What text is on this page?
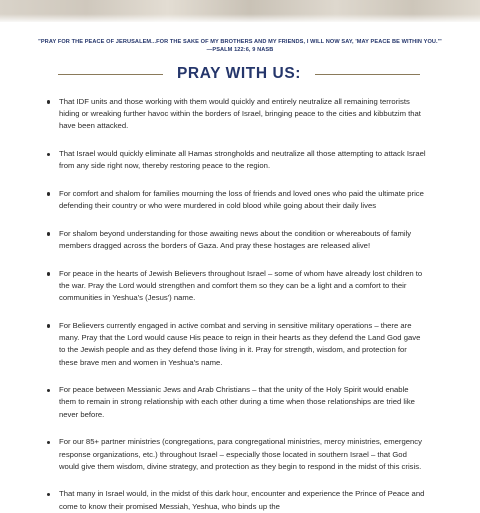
"PRAY FOR THE PEACE OF JERUSALEM...FOR THE SAKE OF MY BROTHERS AND MY FRIENDS, I WILL NOW SAY, 'MAY PEACE BE WITHIN YOU.'"
—PSALM 122:6, 9 NASB
PRAY WITH US:
That IDF units and those working with them would quickly and entirely neutralize all remaining terrorists hiding or wreaking further havoc within the borders of Israel, bringing peace to the cities and kibbutzim that have been attacked.
That Israel would quickly eliminate all Hamas strongholds and neutralize all those attempting to attack Israel from any side right now, thereby restoring peace to the region.
For comfort and shalom for families mourning the loss of friends and loved ones who paid the ultimate price defending their country or who were murdered in cold blood while going about their daily lives
For shalom beyond understanding for those awaiting news about the condition or whereabouts of family members dragged across the borders of Gaza. And pray these hostages are released alive!
For peace in the hearts of Jewish Believers throughout Israel – some of whom have already lost children to the war. Pray the Lord would strengthen and comfort them so they can be a light and a comfort to their communities in Yeshua's (Jesus') name.
For Believers currently engaged in active combat and serving in sensitive military operations – there are many. Pray that the Lord would cause His peace to reign in their hearts as they defend the Land God gave to the Jewish people and as they defend those living in it. Pray for strength, wisdom, and protection for these brave men and women in Yeshua's name.
For peace between Messianic Jews and Arab Christians – that the unity of the Holy Spirit would enable them to remain in strong relationship with each other during a time when those relationships are tried like never before.
For our 85+ partner ministries (congregations, para congregational ministries, mercy ministries, emergency response organizations, etc.) throughout Israel – especially those located in southern Israel – that God would give them wisdom, divine strategy, and protection as they begin to respond in the midst of this crisis.
That many in Israel would, in the midst of this dark hour, encounter and experience the Prince of Peace and come to know their promised Messiah, Yeshua, who binds up the
